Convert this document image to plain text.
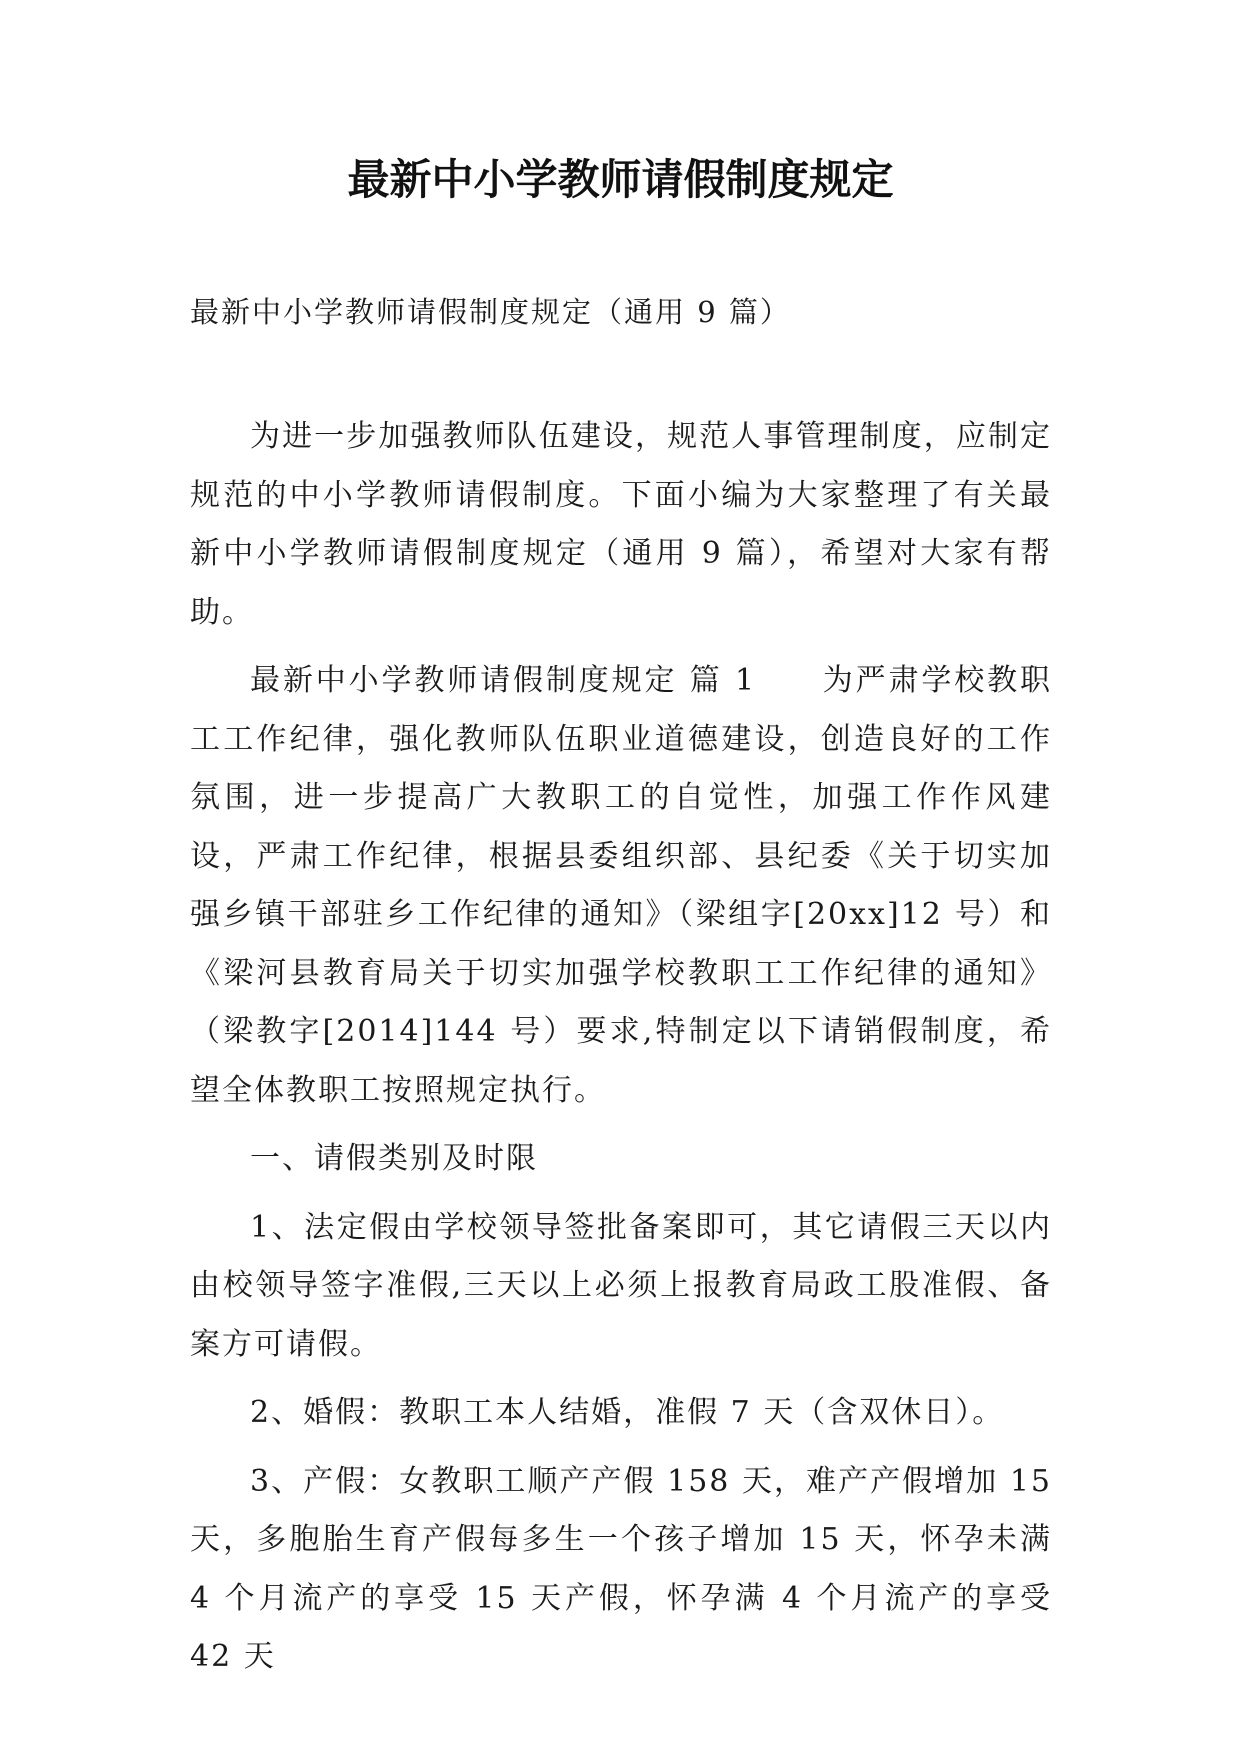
最新中小学教师请假制度规定

最新中小学教师请假制度规定（通用 9 篇）

为进一步加强教师队伍建设，规范人事管理制度，应制定规范的中小学教师请假制度。下面小编为大家整理了有关最新中小学教师请假制度规定（通用 9 篇），希望对大家有帮助。

最新中小学教师请假制度规定 篇 1　　为严肃学校教职工工作纪律，强化教师队伍职业道德建设，创造良好的工作氛围，进一步提高广大教职工的自觉性，加强工作作风建设，严肃工作纪律，根据县委组织部、县纪委《关于切实加强乡镇干部驻乡工作纪律的通知》（梁组字[20xx]12 号）和《梁河县教育局关于切实加强学校教职工工作纪律的通知》（梁教字[2014]144 号）要求,特制定以下请销假制度，希望全体教职工按照规定执行。

一、请假类别及时限

1、法定假由学校领导签批备案即可，其它请假三天以内由校领导签字准假,三天以上必须上报教育局政工股准假、备案方可请假。

2、婚假：教职工本人结婚，准假 7 天（含双休日）。

3、产假：女教职工顺产产假 158 天，难产产假增加 15 天，多胞胎生育产假每多生一个孩子增加 15 天，怀孕未满 4 个月流产的享受 15 天产假，怀孕满 4 个月流产的享受 42 天
